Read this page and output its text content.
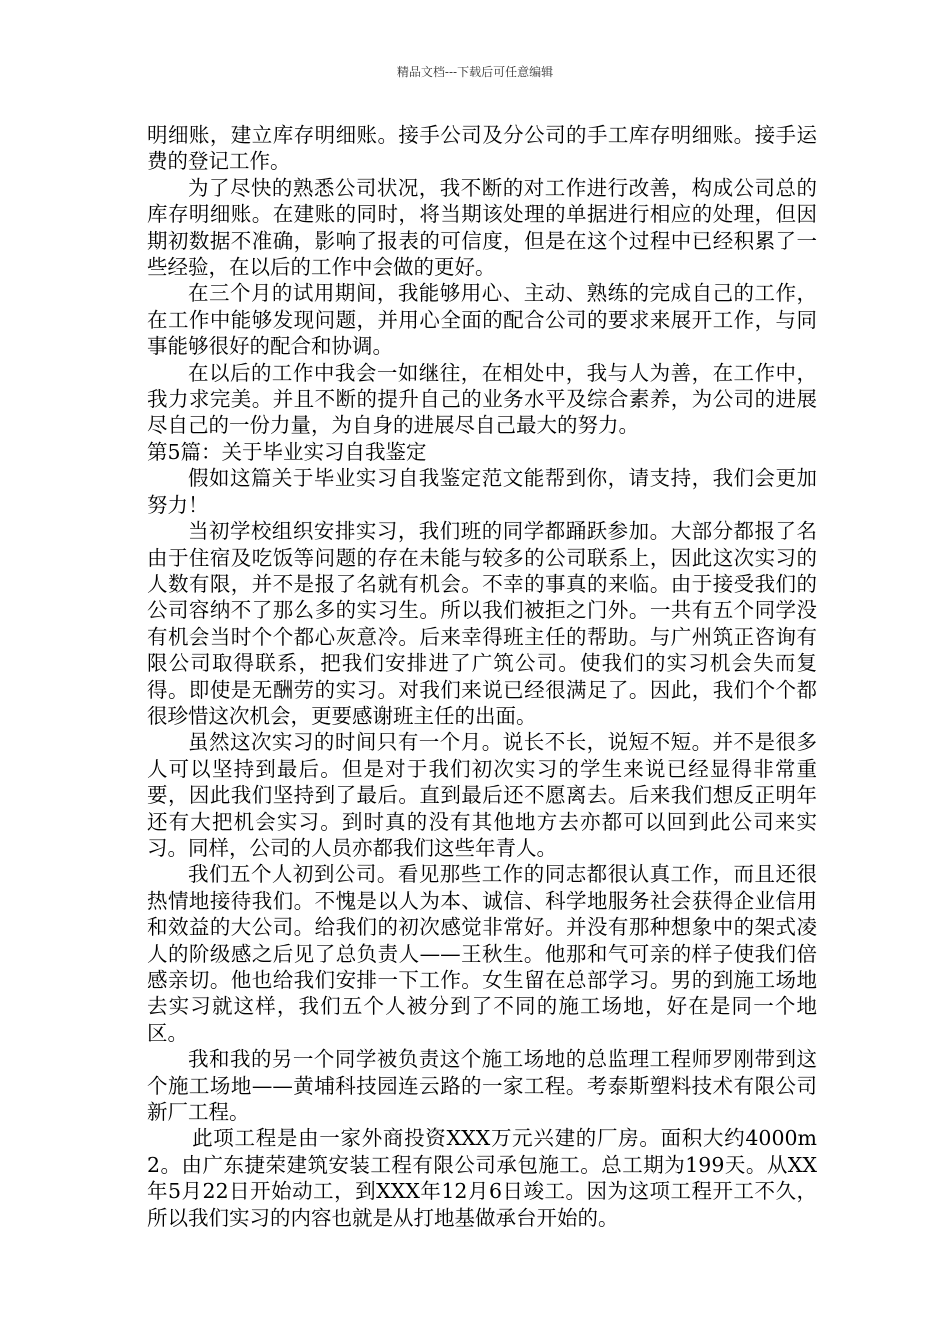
精品文档---下载后可任意编辑

明细账，建立库存明细账。接手公司及分公司的手工库存明细账。接手运费的登记工作。

为了尽快的熟悉公司状况，我不断的对工作进行改善，构成公司总的库存明细账。在建账的同时，将当期该处理的单据进行相应的处理，但因期初数据不准确，影响了报表的可信度，但是在这个过程中已经积累了一些经验，在以后的工作中会做的更好。

在三个月的试用期间，我能够用心、主动、熟练的完成自己的工作，在工作中能够发现问题，并用心全面的配合公司的要求来展开工作，与同事能够很好的配合和协调。

在以后的工作中我会一如继往，在相处中，我与人为善，在工作中，我力求完美。并且不断的提升自己的业务水平及综合素养，为公司的进展尽自己的一份力量，为自身的进展尽自己最大的努力。

第5篇：关于毕业实习自我鉴定

假如这篇关于毕业实习自我鉴定范文能帮到你，请支持，我们会更加努力！

当初学校组织安排实习，我们班的同学都踊跃参加。大部分都报了名由于住宿及吃饭等问题的存在未能与较多的公司联系上，因此这次实习的人数有限，并不是报了名就有机会。不幸的事真的来临。由于接受我们的公司容纳不了那么多的实习生。所以我们被拒之门外。一共有五个同学没有机会当时个个都心灰意冷。后来幸得班主任的帮助。与广州筑正咨询有限公司取得联系，把我们安排进了广筑公司。使我们的实习机会失而复得。即使是无酬劳的实习。对我们来说已经很满足了。因此，我们个个都很珍惜这次机会，更要感谢班主任的出面。

虽然这次实习的时间只有一个月。说长不长，说短不短。并不是很多人可以坚持到最后。但是对于我们初次实习的学生来说已经显得非常重要，因此我们坚持到了最后。直到最后还不愿离去。后来我们想反正明年还有大把机会实习。到时真的没有其他地方去亦都可以回到此公司来实习。同样，公司的人员亦都我们这些年青人。

我们五个人初到公司。看见那些工作的同志都很认真工作，而且还很热情地接待我们。不愧是以人为本、诚信、科学地服务社会获得企业信用和效益的大公司。给我们的初次感觉非常好。并没有那种想象中的架式凌人的阶级感之后见了总负责人——王秋生。他那和气可亲的样子使我们倍感亲切。他也给我们安排一下工作。女生留在总部学习。男的到施工场地去实习就这样，我们五个人被分到了不同的施工场地，好在是同一个地区。

我和我的另一个同学被负责这个施工场地的总监理工程师罗刚带到这个施工场地——黄埔科技园连云路的一家工程。考泰斯塑料技术有限公司新厂工程。

此项工程是由一家外商投资XXX万元兴建的厂房。面积大约4000m2。由广东捷荣建筑安装工程有限公司承包施工。总工期为199天。从XX年5月22日开始动工，到XXX年12月6日竣工。因为这项工程开工不久，所以我们实习的内容也就是从打地基做承台开始的。
